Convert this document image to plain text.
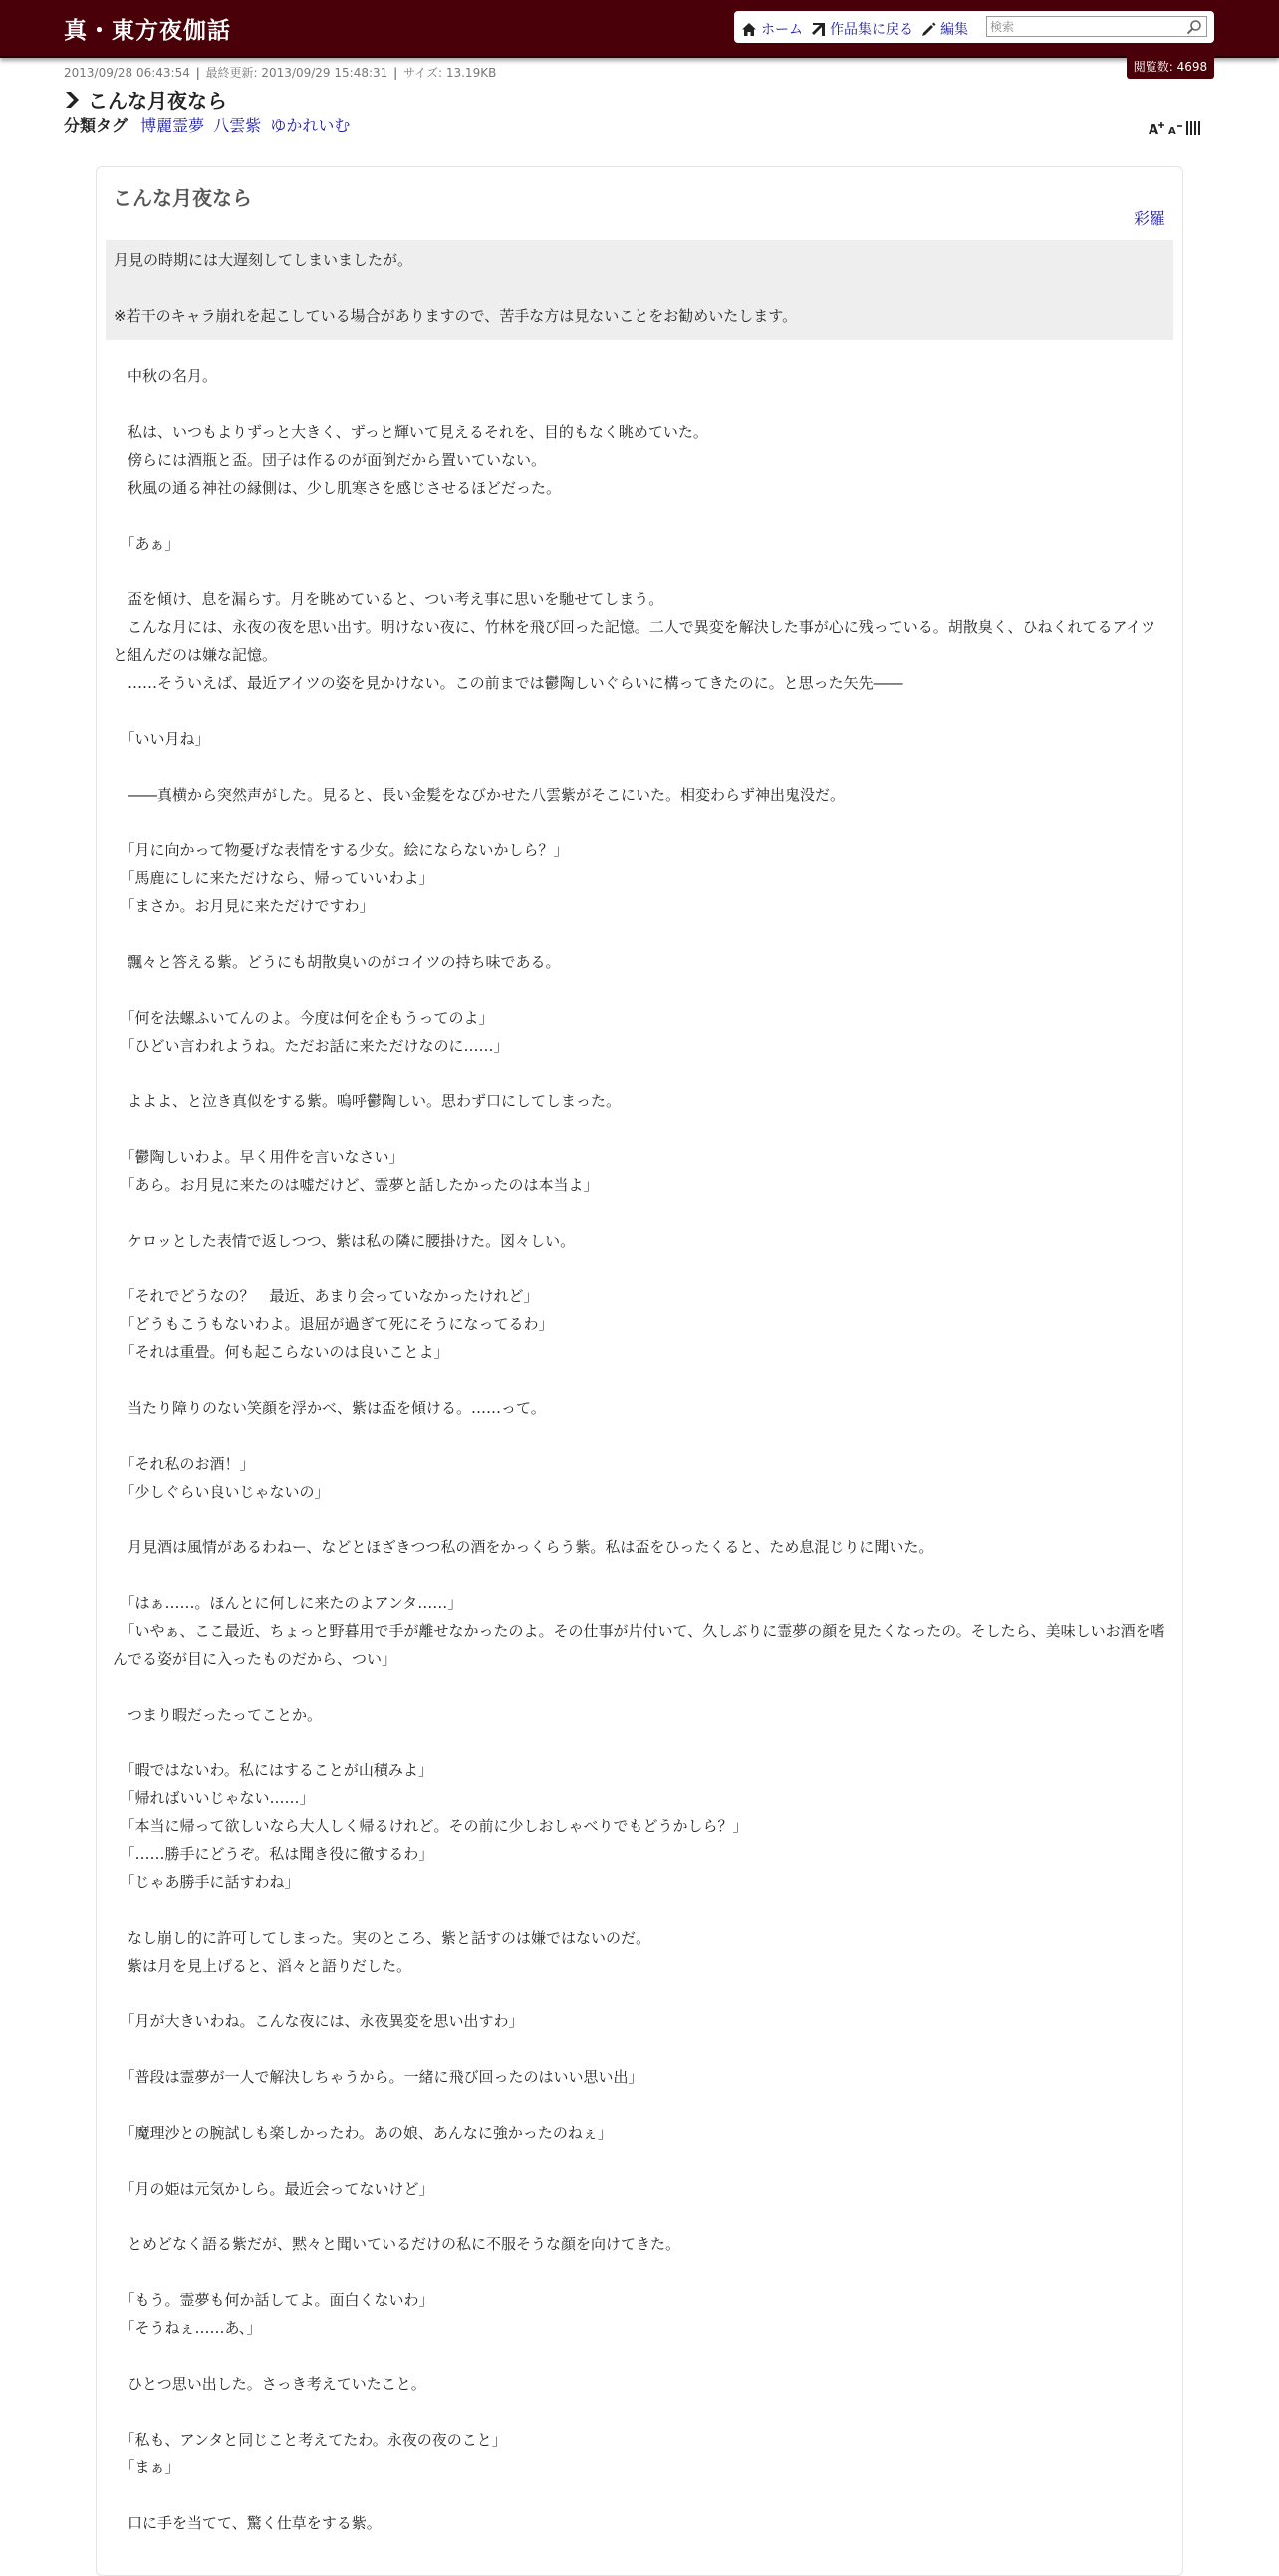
真・東方夜伽話	ホーム 作品集に戻る 編集
検索
閲覧数: 4698
2013/09/28 06:43:54 | 最終更新: 2013/09/29 15:48:31 | サイズ: 13.19KB
こんな月夜なら
分類タグ 博麗霊夢 八雲紫 ゆかれいむ	A A
こんな月夜なら
彩羅

月見の時期には大遅刻してしまいましたが。

※若干のキャラ崩れを起こしている場合がありますので、苦手な方は見ないことをお勧めいたします。

　中秋の名月。

　私は、いつもよりずっと大きく、ずっと輝いて見えるそれを、目的もなく眺めていた。

　傍らには酒瓶と盃。団子は作るのが面倒だから置いていない。

　秋風の通る神社の縁側は、少し肌寒さを感じさせるほどだった。

　「あぁ」

　盃を傾け、息を漏らす。月を眺めていると、つい考え事に思いを馳せてしまう。

　こんな月には、永夜の夜を思い出す。明けない夜に、竹林を飛び回った記憶。二人で異変を解決した事が心に残っている。胡散臭く、ひねくれてるアイツと組んだのは嫌な記憶。

　……そういえば、最近アイツの姿を見かけない。この前までは鬱陶しいぐらいに構ってきたのに。と思った矢先――

　「いい月ね」

　――真横から突然声がした。見ると、長い金髪をなびかせた八雲紫がそこにいた。相変わらず神出鬼没だ。

　「月に向かって物憂げな表情をする少女。絵にならないかしら？」

　「馬鹿にしに来ただけなら、帰っていいわよ」

　「まさか。お月見に来ただけですわ」

　飄々と答える紫。どうにも胡散臭いのがコイツの持ち味である。

　「何を法螺ふいてんのよ。今度は何を企もうってのよ」

　「ひどい言われようね。ただお話に来ただけなのに……」

　よよよ、と泣き真似をする紫。嗚呼鬱陶しい。思わず口にしてしまった。

　「鬱陶しいわよ。早く用件を言いなさい」

　「あら。お月見に来たのは嘘だけど、霊夢と話したかったのは本当よ」

　ケロッとした表情で返しつつ、紫は私の隣に腰掛けた。図々しい。

　「それでどうなの？　最近、あまり会っていなかったけれど」

　「どうもこうもないわよ。退屈が過ぎて死にそうになってるわ」

　「それは重畳。何も起こらないのは良いことよ」

　当たり障りのない笑顔を浮かべ、紫は盃を傾ける。……って。

　「それ私のお酒！」

　「少しぐらい良いじゃないの」

　月見酒は風情があるわねー、などとほざきつつ私の酒をかっくらう紫。私は盃をひったくると、ため息混じりに聞いた。

　「はぁ……。ほんとに何しに来たのよアンタ……」

　「いやぁ、ここ最近、ちょっと野暮用で手が離せなかったのよ。その仕事が片付いて、久しぶりに霊夢の顔を見たくなったの。そしたら、美味しいお酒を嗜んでる姿が目に入ったものだから、つい」

　つまり暇だったってことか。

　「暇ではないわ。私にはすることが山積みよ」

　「帰ればいいじゃない……」

　「本当に帰って欲しいなら大人しく帰るけれど。その前に少しおしゃべりでもどうかしら？」

　「……勝手にどうぞ。私は聞き役に徹するわ」

　「じゃあ勝手に話すわね」

　なし崩し的に許可してしまった。実のところ、紫と話すのは嫌ではないのだ。

　紫は月を見上げると、滔々と語りだした。

　「月が大きいわね。こんな夜には、永夜異変を思い出すわ」

　「普段は霊夢が一人で解決しちゃうから。一緒に飛び回ったのはいい思い出」

　「魔理沙との腕試しも楽しかったわ。あの娘、あんなに強かったのねぇ」

　「月の姫は元気かしら。最近会ってないけど」

　とめどなく語る紫だが、黙々と聞いているだけの私に不服そうな顔を向けてきた。

　「もう。霊夢も何か話してよ。面白くないわ」

　「そうねぇ……あ、」

　ひとつ思い出した。さっき考えていたこと。

　「私も、アンタと同じこと考えてたわ。永夜の夜のこと」

　「まぁ」

　口に手を当てて、驚く仕草をする紫。
